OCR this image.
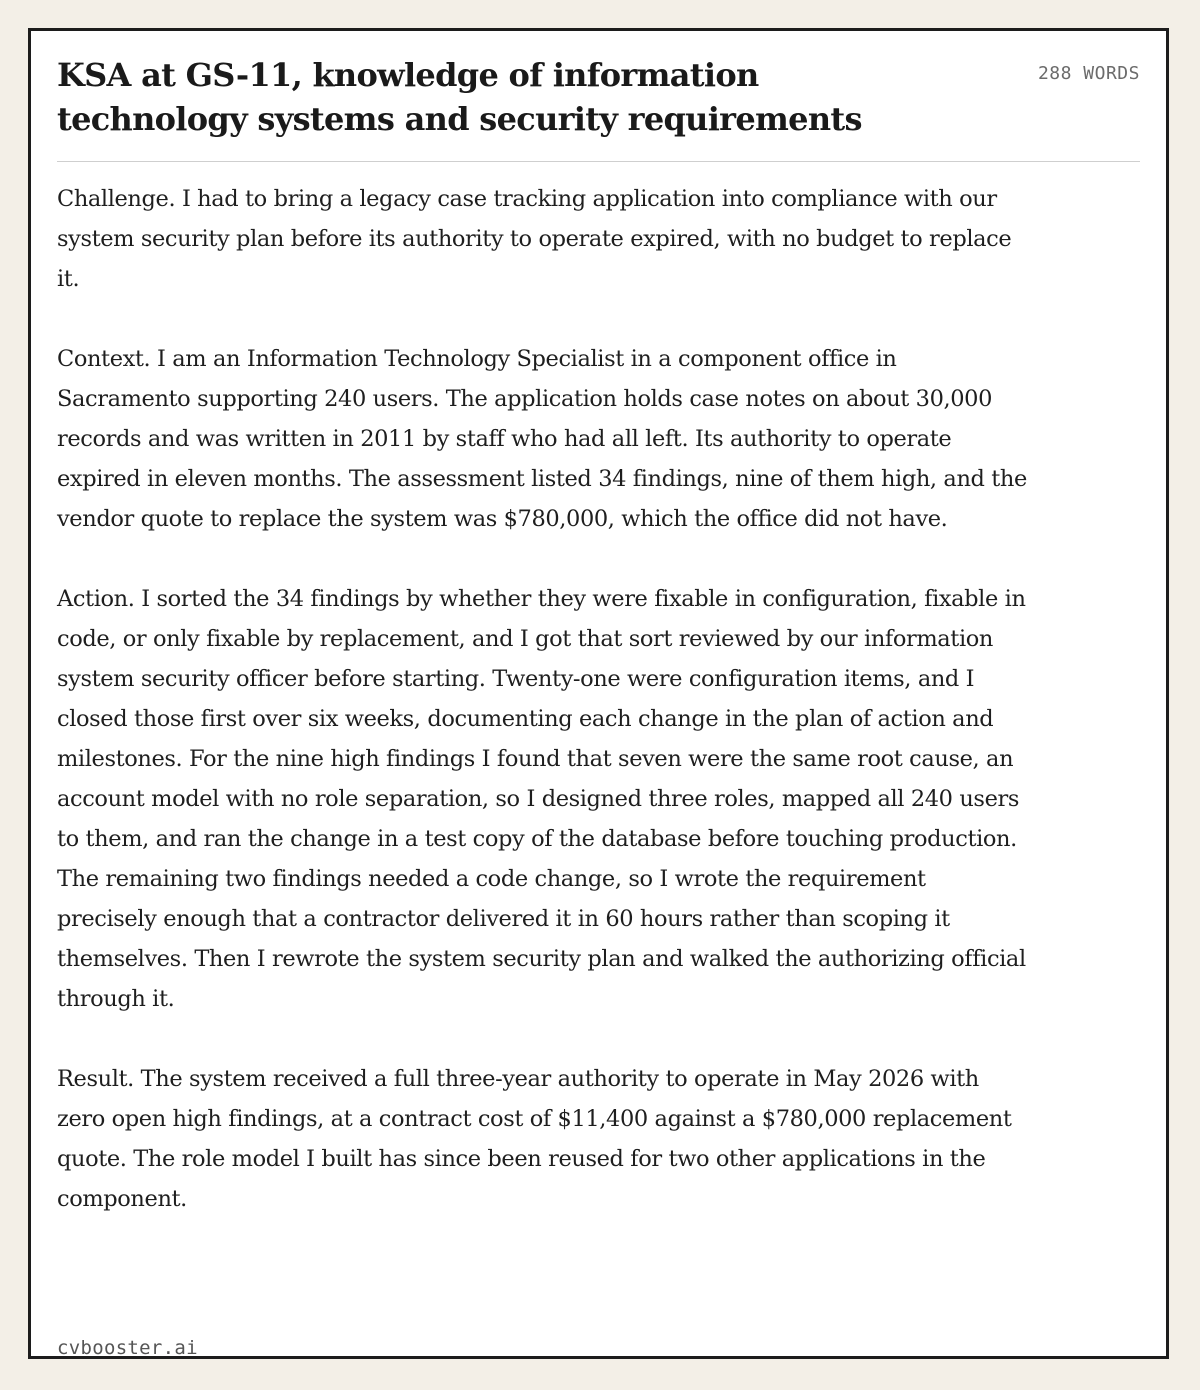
KSA at GS-11, knowledge of information technology systems and security requirements
288 WORDS

Challenge. I had to bring a legacy case tracking application into compliance with our system security plan before its authority to operate expired, with no budget to replace it.

Context. I am an Information Technology Specialist in a component office in Sacramento supporting 240 users. The application holds case notes on about 30,000 records and was written in 2011 by staff who had all left. Its authority to operate expired in eleven months. The assessment listed 34 findings, nine of them high, and the vendor quote to replace the system was $780,000, which the office did not have.

Action. I sorted the 34 findings by whether they were fixable in configuration, fixable in code, or only fixable by replacement, and I got that sort reviewed by our information system security officer before starting. Twenty-one were configuration items, and I closed those first over six weeks, documenting each change in the plan of action and milestones. For the nine high findings I found that seven were the same root cause, an account model with no role separation, so I designed three roles, mapped all 240 users to them, and ran the change in a test copy of the database before touching production. The remaining two findings needed a code change, so I wrote the requirement precisely enough that a contractor delivered it in 60 hours rather than scoping it themselves. Then I rewrote the system security plan and walked the authorizing official through it.

Result. The system received a full three-year authority to operate in May 2026 with zero open high findings, at a contract cost of $11,400 against a $780,000 replacement quote. The role model I built has since been reused for two other applications in the component.

cvbooster.ai
